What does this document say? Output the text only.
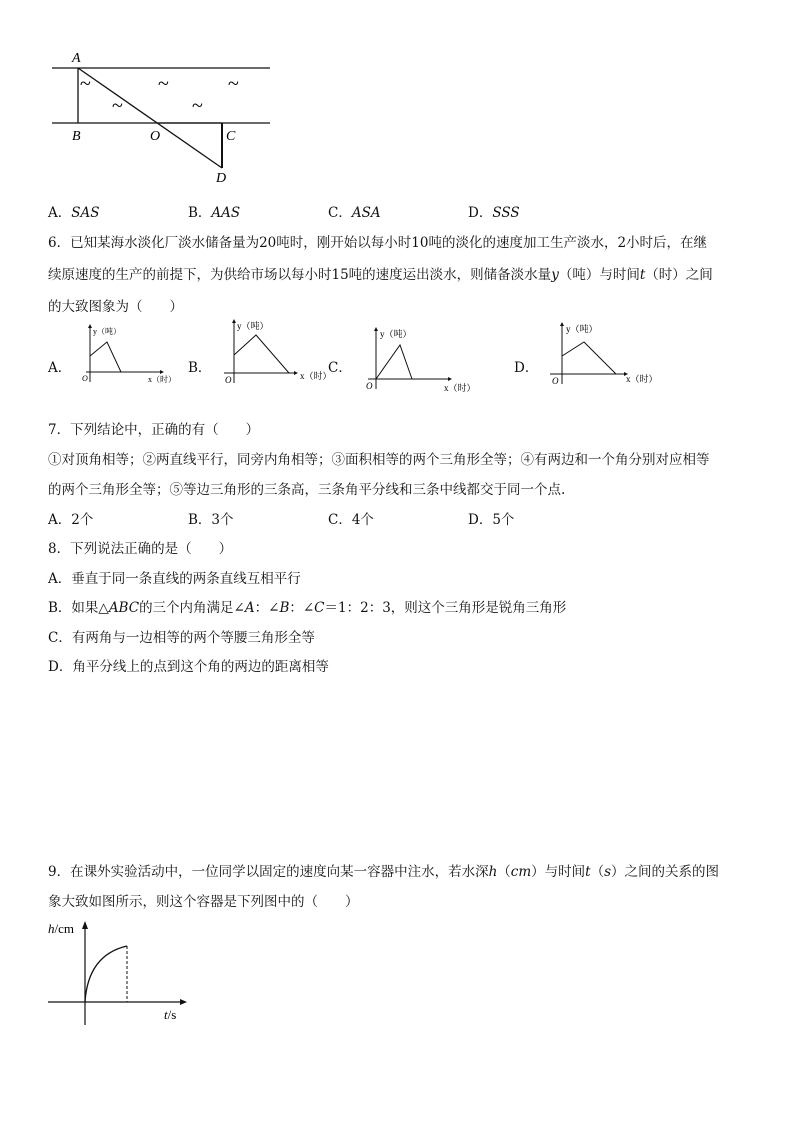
A
B	O	C
D
~	~	~
~	~
A．SAS	B．AAS	C．ASA	D．SSS
6．已知某海水淡化厂淡水储备量为20吨时，刚开始以每小时10吨的淡化的速度加工生产淡水，2小时后，在继
续原速度的生产的前提下，为供给市场以每小时15吨的速度运出淡水，则储备淡水量y（吨）与时间t（时）之间
的大致图象为（　　）
A．
y（吨）
x（时）
O
B．
y（吨）
x（时）
O
C．
y（吨）
x（时）
O
D．
y（吨）
x（时）
O
7．下列结论中，正确的有（　　）
①对顶角相等；②两直线平行，同旁内角相等；③面积相等的两个三角形全等；④有两边和一个角分别对应相等
的两个三角形全等；⑤等边三角形的三条高，三条角平分线和三条中线都交于同一个点.
A．2个	B．3个	C．4个	D．5个
8．下列说法正确的是（　　）
A．垂直于同一条直线的两条直线互相平行
B．如果△ABC的三个内角满足∠A：∠B：∠C＝1：2：3，则这个三角形是锐角三角形
C．有两角与一边相等的两个等腰三角形全等
D．角平分线上的点到这个角的两边的距离相等
9．在课外实验活动中，一位同学以固定的速度向某一容器中注水，若水深h（cm）与时间t（s）之间的关系的图
象大致如图所示，则这个容器是下列图中的（　　）
h/cm
t/s
